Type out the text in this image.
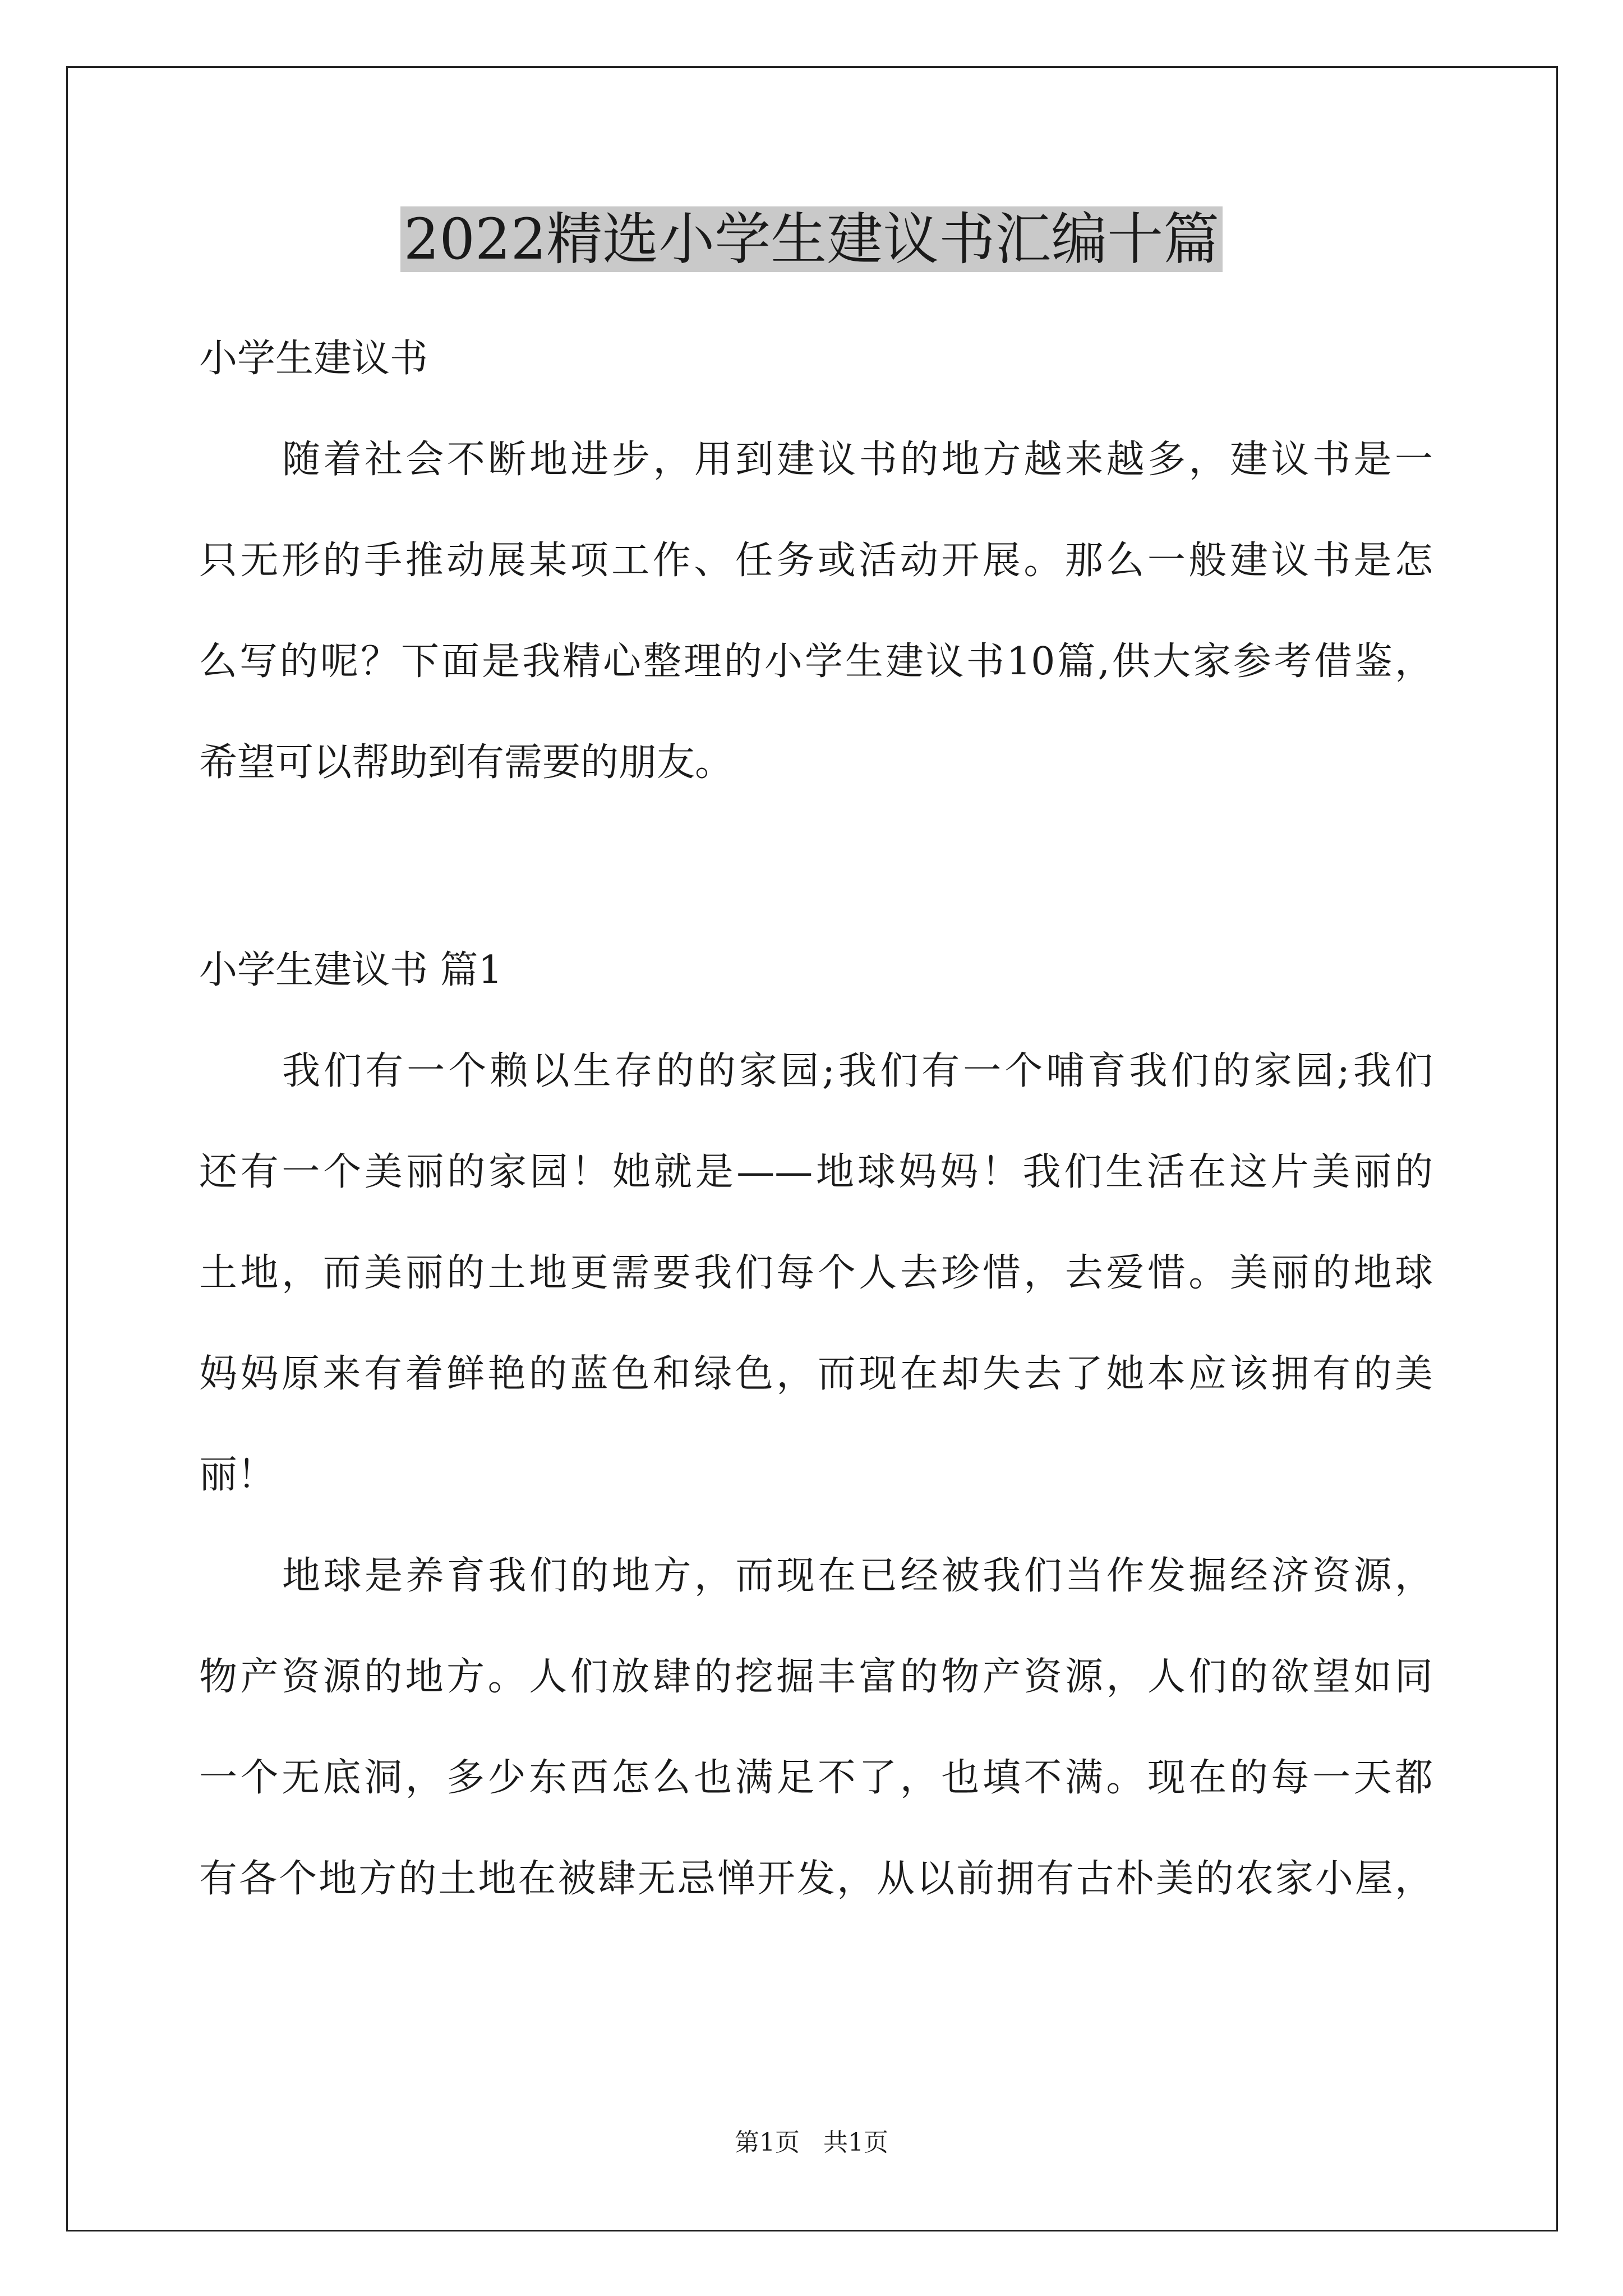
2022精选小学生建议书汇编十篇

小学生建议书

随着社会不断地进步，用到建议书的地方越来越多，建议书是一

只无形的手推动展某项工作、任务或活动开展。那么一般建议书是怎

么写的呢？下面是我精心整理的小学生建议书10篇,供大家参考借鉴，

希望可以帮助到有需要的朋友。

小学生建议书 篇1

我们有一个赖以生存的的家园;我们有一个哺育我们的家园;我们

还有一个美丽的家园！她就是——地球妈妈！我们生活在这片美丽的

土地，而美丽的土地更需要我们每个人去珍惜，去爱惜。美丽的地球

妈妈原来有着鲜艳的蓝色和绿色，而现在却失去了她本应该拥有的美

丽！

地球是养育我们的地方，而现在已经被我们当作发掘经济资源，

物产资源的地方。人们放肆的挖掘丰富的物产资源，人们的欲望如同

一个无底洞，多少东西怎么也满足不了，也填不满。现在的每一天都

有各个地方的土地在被肆无忌惮开发，从以前拥有古朴美的农家小屋，

第1页   共1页
